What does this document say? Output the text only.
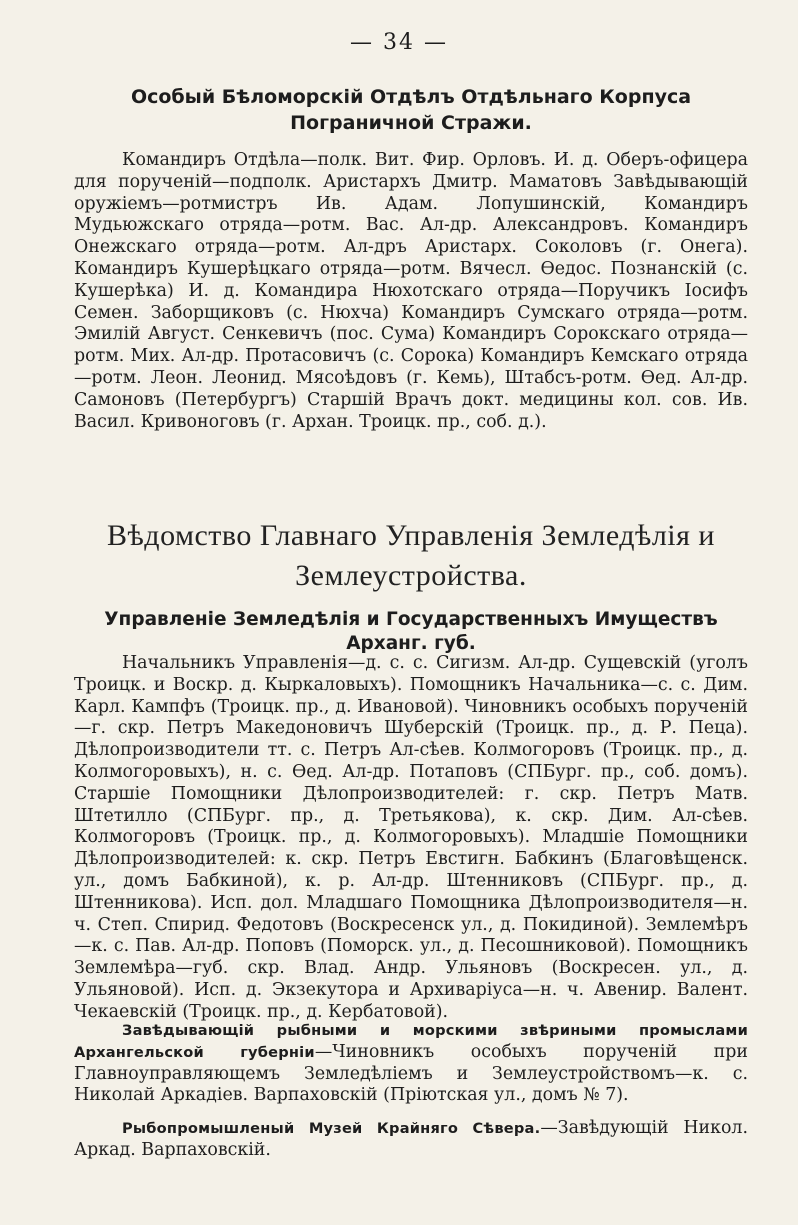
— 34 —
Особый Бѣломорскій Отдѣлъ Отдѣльнаго Корпуса Пограничной Стражи.

Командиръ Отдѣла—полк. Вит. Фир. Орловъ. И. д. Оберъ-офицера для порученій—подполк. Аристархъ Дмитр. Маматовъ Завѣдывающій оружіемъ—ротмистръ Ив. Адам. Лопушинскій, Командиръ Мудьюжскаго отряда—ротм. Вас. Ал-др. Александровъ. Командиръ Онежскаго отряда—ротм. Ал-дръ Аристарх. Соколовъ (г. Онега). Командиръ Кушерѣцкаго отряда—ротм. Вячесл. Ѳедос. Познанскій (с. Кушерѣка) И. д. Командира Нюхотскаго отряда—Поручикъ Іосифъ Семен. Заборщиковъ (с. Нюхча) Командиръ Сумскаго отряда—ротм. Эмилій Август. Сенкевичъ (пос. Сума) Командиръ Сорокскаго отряда—ротм. Мих. Ал-др. Протасовичъ (с. Сорока) Командиръ Кемскаго отряда—ротм. Леон. Леонид. Мясоѣдовъ (г. Кемь), Штабсъ-ротм. Ѳед. Ал-др. Самоновъ (Петербургъ) Старшій Врачъ докт. медицины кол. сов. Ив. Васил. Кривоноговъ (г. Архан. Троицк. пр., соб. д.).

Вѣдомство Главнаго Управленія Земледѣлія и Землеустройства.
Управленіе Земледѣлія и Государственныхъ Имуществъ Арханг. губ.

Начальникъ Управленія—д. с. с. Сигизм. Ал-др. Сущевскій (уголъ Троицк. и Воскр. д. Кыркаловыхъ). Помощникъ Начальника—с. с. Дим. Карл. Кампфъ (Троицк. пр., д. Ивановой). Чиновникъ особыхъ порученій—г. скр. Петръ Македоновичъ Шуберскій (Троицк. пр., д. Р. Пеца). Дѣлопроизводители тт. с. Петръ Ал-сѣев. Колмогоровъ (Троицк. пр., д. Колмогоровыхъ), н. с. Ѳед. Ал-др. Потаповъ (СПБург. пр., соб. домъ). Старшіе Помощники Дѣлопроизводителей: г. скр. Петръ Матв. Штетилло (СПБург. пр., д. Третьякова), к. скр. Дим. Ал-сѣев. Колмогоровъ (Троицк. пр., д. Колмогоровыхъ). Младшіе Помощники Дѣлопроизводителей: к. скр. Петръ Евстигн. Бабкинъ (Благовѣщенск. ул., домъ Бабкиной), к. р. Ал-др. Штенниковъ (СПБург. пр., д. Штенникова). Исп. дол. Младшаго Помощника Дѣлопроизводителя—н. ч. Степ. Спирид. Федотовъ (Воскресенск ул., д. Покидиной). Землемѣръ—к. с. Пав. Ал-др. Поповъ (Поморск. ул., д. Песошниковой). Помощникъ Землемѣра—губ. скр. Влад. Андр. Ульяновъ (Воскресен. ул., д. Ульяновой). Исп. д. Экзекутора и Архиваріуса—н. ч. Авенир. Валент. Чекаевскій (Троицк. пр., д. Кербатовой).

Завѣдывающій рыбными и морскими звѣриными промыслами Архангельской губерніи—Чиновникъ особыхъ порученій при Главноуправляющемъ Земледѣліемъ и Землеустройствомъ—к. с. Николай Аркадіев. Варпаховскій (Пріютская ул., домъ № 7).

Рыбопромышленый Музей Крайняго Сѣвера.—Завѣдующій Никол. Аркад. Варпаховскій.
